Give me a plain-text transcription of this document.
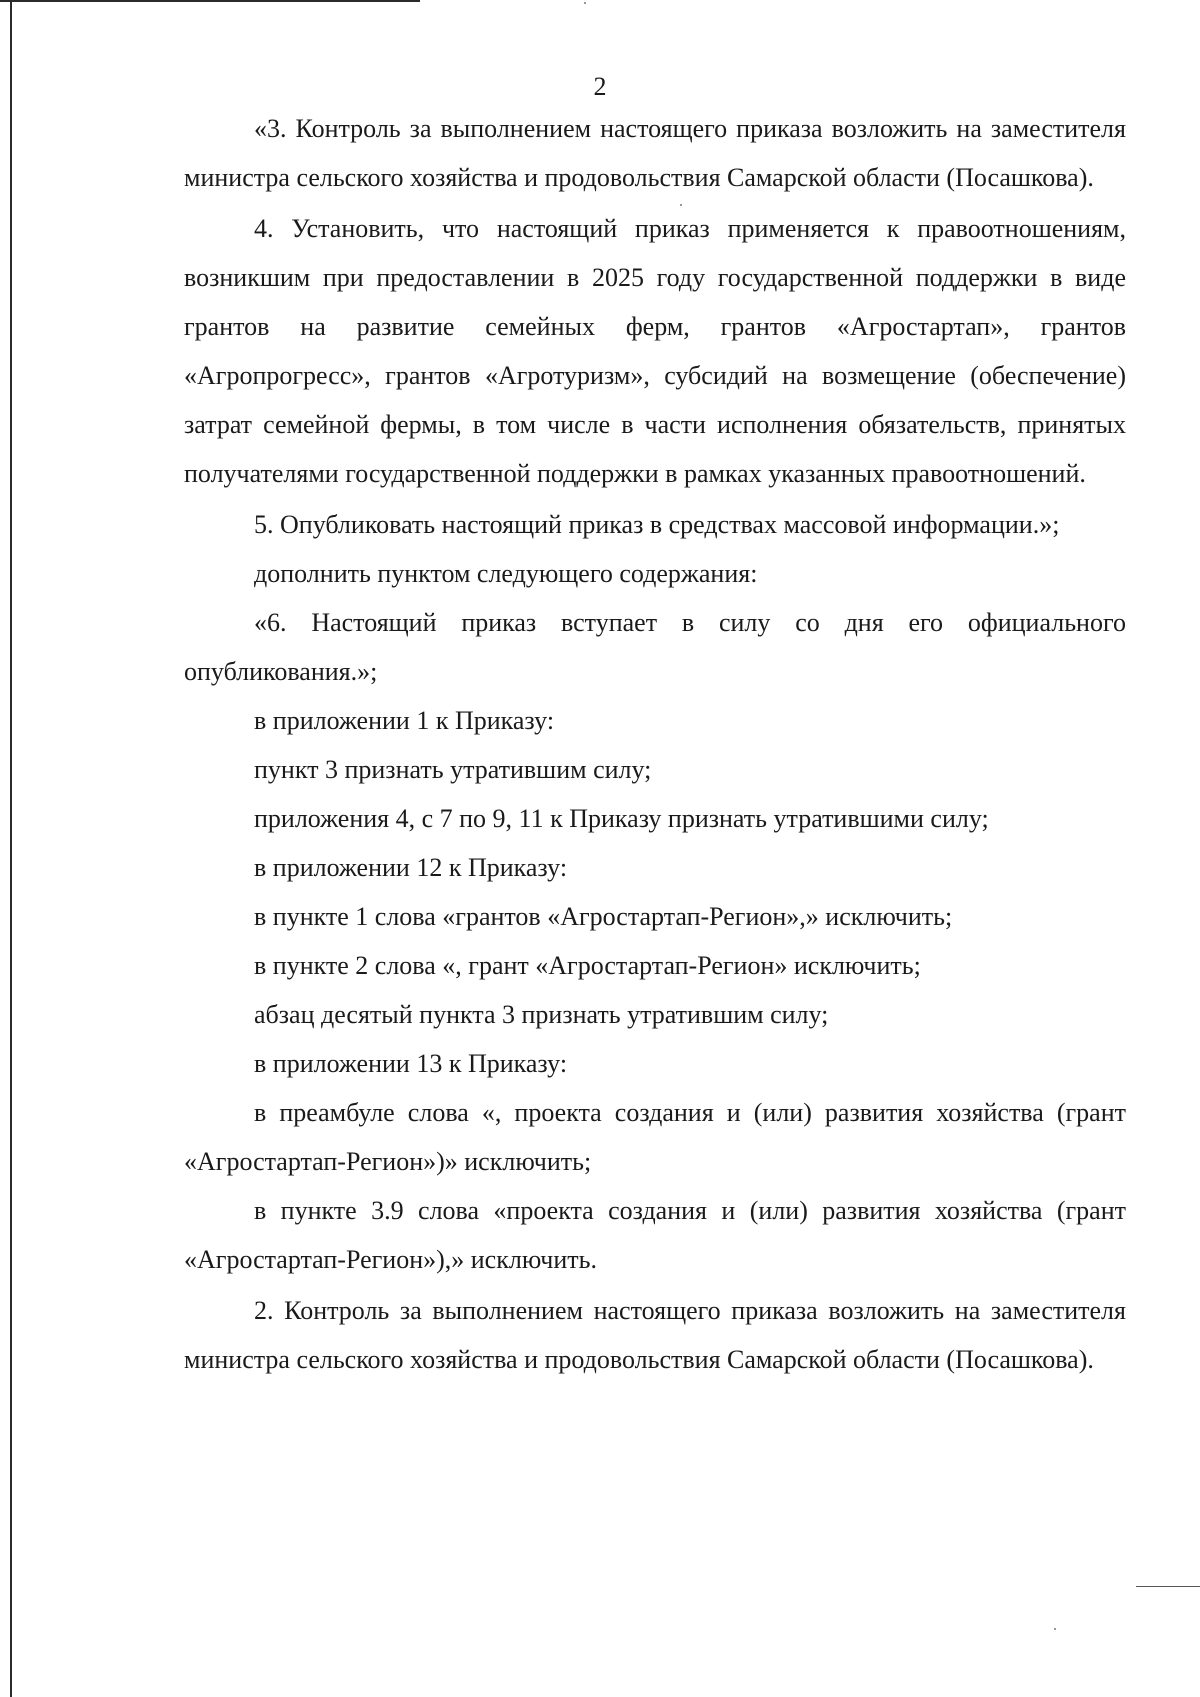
2

«3. Контроль за выполнением настоящего приказа возложить на заместителя министра сельского хозяйства и продовольствия Самарской области (Посашкова).

4. Установить, что настоящий приказ применяется к правоотношениям, возникшим при предоставлении в 2025 году государственной поддержки в виде грантов на развитие семейных ферм, грантов «Агростартап», грантов «Агропрогресс», грантов «Агротуризм», субсидий на возмещение (обеспечение) затрат семейной фермы, в том числе в части исполнения обязательств, принятых получателями государственной поддержки в рамках указанных правоотношений.

5. Опубликовать настоящий приказ в средствах массовой информации.»;

дополнить пунктом следующего содержания:

«6. Настоящий приказ вступает в силу со дня его официального опубликования.»;

в приложении 1 к Приказу:

пункт 3 признать утратившим силу;

приложения 4, с 7 по 9, 11 к Приказу признать утратившими силу;

в приложении 12 к Приказу:

в пункте 1 слова «грантов «Агростартап-Регион»,» исключить;

в пункте 2 слова «, грант «Агростартап-Регион» исключить;

абзац десятый пункта 3 признать утратившим силу;

в приложении 13 к Приказу:

в преамбуле слова «, проекта создания и (или) развития хозяйства (грант «Агростартап-Регион»)» исключить;

в пункте 3.9 слова «проекта создания и (или) развития хозяйства (грант «Агростартап-Регион»),» исключить.

2. Контроль за выполнением настоящего приказа возложить на заместителя министра сельского хозяйства и продовольствия Самарской области (Посашкова).
